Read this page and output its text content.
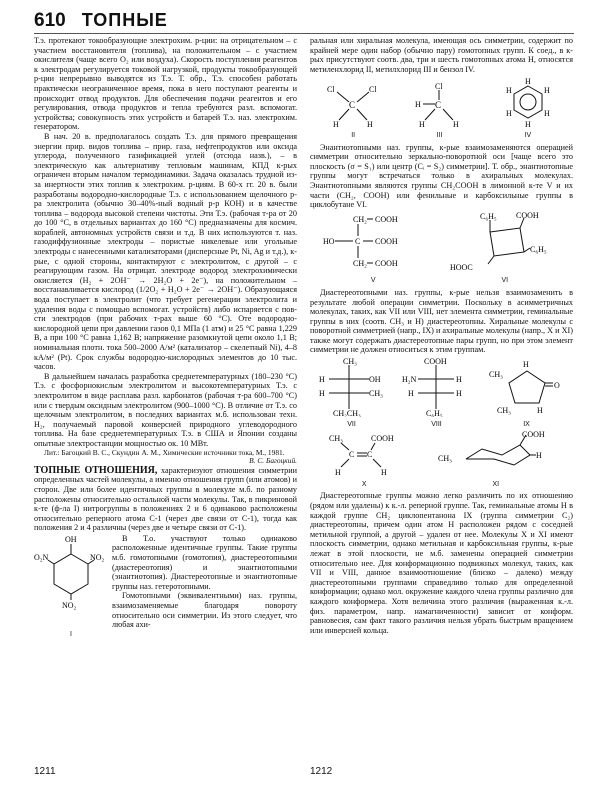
610 ТОПНЫЕ

Т.э. протекают токообразующие электрохим. р-ции: на отрицательном – с участием восстановителя (топлива), на положительном – с участием окислителя (чаще всего O₂ или воздуха). Скорость поступления реагентов к электродам регулируется токовой нагрузкой, продукты токообразующей р-ции непрерывно выводятся из Т.э. Т. обр., Т.э. способен работать практически неограниченное время, пока в него поступают реагенты и происходит отвод продуктов. Для обеспечения подачи реагентов и его регулирования, отвода продуктов и тепла требуются разл. вспомогат. устройства; совокупность этих устройств и батарей Т.э. наз. электрохим. генератором.

В нач. 20 в. предполагалось создать Т.э. для прямого превращения энергии прир. видов топлива – прир. газа, нефтепродуктов или оксида углерода, полученного газификацией углей (отсюда назв.), – в электрическую как альтернативу тепловым машинам, КПД к-рых ограничен вторым началом термодинамики. Задача оказалась трудной из-за инертности этих топлив к электрохим. р-циям. В 60-х гг. 20 в. были разработаны водородно-кислородные Т.э. с использованием щелочного р-ра электролита (обычно 30–40%-ный водный р-р КОН) и в качестве топлива – водорода высокой степени чистоты. Эти Т.э. (рабочая т-ра от 20 до 100 °С, в отдельных вариантах до 160 °С) предназначены для космич. кораблей, автономных устройств связи и т.д. В них используются т. наз. газодиффузионные электроды – пористые никелевые или угольные электроды с нанесенными катализаторами (дисперсные Pt, Ni, Ag и т.д.), к-рые, с одной стороны, контактируют с электролитом, с другой – с реагирующим газом. На отрицат. электроде водород электрохимически окисляется (H₂ + 2OH⁻ → 2H₂O + 2e⁻), на положительном – восстанавливается кислород (1/2O₂ + H₂O + 2e⁻ → 2OH⁻). Образующаяся вода поступает в электролит (что требует регенерации электролита и удаления воды с помощью вспомогат. устройств) либо испаряется с пов-сти электродов (при рабочих т-рах выше 60 °С). Оте водородно-кислородной цепи при давлении газов 0,1 МПа (1 атм) и 25 °С равна 1,229 В, а при 100 °С равна 1,162 В; напряжение разомкнутой цепи около 1,1 В; номинальная плотн. тока 500–2000 А/м² (катализатор – скелетный Ni), 4–8 кА/м² (Pt). Срок службы водородно-кислородных элементов до 10 тыс. часов.

В дальнейшем началась разработка среднетемпературных (180–230 °С) Т.э. с фосфорнокислым электролитом и высокотемпературных Т.э. с электролитом в виде расплава разл. карбонатов (рабочая т-ра 600–700 °С) или с твердым оксидным электролитом (900–1000 °С). В отличие от Т.э. со щелочным электролитом, в последних вариантах м.б. использован техн. H₂, получаемый паровой конверсией природного углеводородного топлива. На базе среднетемпературных Т.э. в США и Японии созданы опытные электростанции мощностью ок. 10 МВт.

Лит.: Багоцкий В. С., Скундин А. М., Химические источники тока, М., 1981.

В. С. Багоцкий.

ТОПНЫЕ ОТНОШЕНИЯ, характеризуют отношения симметрии определенных частей молекулы, а именно отношения групп (или атомов) и сторон. Две или более идентичных группы в молекуле м.б. по разному расположены относительно остальной части молекулы. Так, в пикриновой к-те (ф-ла I) нитрогруппы в положениях 2 и 6 одинаково расположены относительно реперного атома С-1 (через две связи от С-1), тогда как положения 2 и 4 различны (через две и четыре связи от С-1).

OH
O₂N	NO₂
NO₂

В Т.о. участвуют только одинаково расположенные идентичные группы. Такие группы м.б. гомотопными (гомотопия), диастереотопными (диастереотопия) и энантиотопными (энантиотопия). Диастереотопные и энантиотопные группы наз. гетеротопными.

Гомотопными (эквивалентными) наз. группы, взаимозаменяемые благодаря повороту относительно оси симметрии. Из этого следует, что любая ахи-

I

ральная или хиральная молекула, имеющая ось симметрии, содержит по крайней мере один набор (обычно пару) гомотопных групп. К соед., в к-рых присутствуют соотв. два, три и шесть гомотопных атома H, относятся метиленхлорид II, метилхлорид III и бензол IV.

C
Cl	Cl
H	H
II
C
Cl
H
H	H
III
H
H
H
H
H
H
IV

Энантиотопными наз. группы, к-рые взаимозаменяются операцией симметрии относительно зеркально-поворотной оси [чаще всего это плоскость (σ = S₁) или центр (Cᵢ = S₂) симметрии]. Т. обр., энантиотопные группы могут встречаться только в ахиральных молекулах. Энантиотопными являются группы CH₂COOH в лимонной к-те V и их части (CH₂, COOH) или фенильные и карбоксильные группы в циклобутане VI.

CH₂ COOH
HO	C COOH
CH₂ COOH
V
C₆H₅ COOH
HOOC
C₆H₅
VI

Диастереотопными наз. группы, к-рые нельзя взаимозаменить в результате любой операции симметрии. Поскольку в асимметричных молекулах, таких, как VII или VIII, нет элемента симметрии, геминальные группы в них (соотв. CH₃ и H) диастереотопны. Хиральные молекулы с поворотной симметрией (напр., IX) и ахиральные молекулы (напр., X и XI) также могут содержать диастереотопные пары групп, но при этом элемент симметрии не должен относиться к этим группам.

CH₃
H	OH
H	CH₃
CH₂CH₃
VII
COOH
H₂N	H
H	H
C₆H₅
VIII
O
CH₃
CH₃
H
H
IX
CH₃	COOH
C C
H	H
X
COOH
H
CH₃
XI

Диастереотопные группы можно легко различить по их отношению (рядом или удалены) к к.-л. реперной группе. Так, геминальные атомы H в каждой группе CH₂ циклопентанона IX (группа симметрии C₂) диастереотопны, причем один атом H расположен рядом с соседней метильной группой, а другой – удален от нее. Молекулы X и XI имеют плоскость симметрии, однако метильная и карбоксильная группы, к-рые лежат в этой плоскости, не м.б. заменены операцией симметрии относительно нее. Для конформационно подвижных молекул, таких, как VII и VIII, данное взаимоотношение (близко – далеко) между диастереотопными группами справедливо только для определенной конформации; однако мол. окружение каждого члена группы различно для каждого конформера. Хотя величина этого различия (выраженная к.-л. физ. параметром, напр. намагниченности) зависит от конформ. равновесия, сам факт такого различия нельзя убрать быстрым вращением или инверсией кольца.

1211	1212
